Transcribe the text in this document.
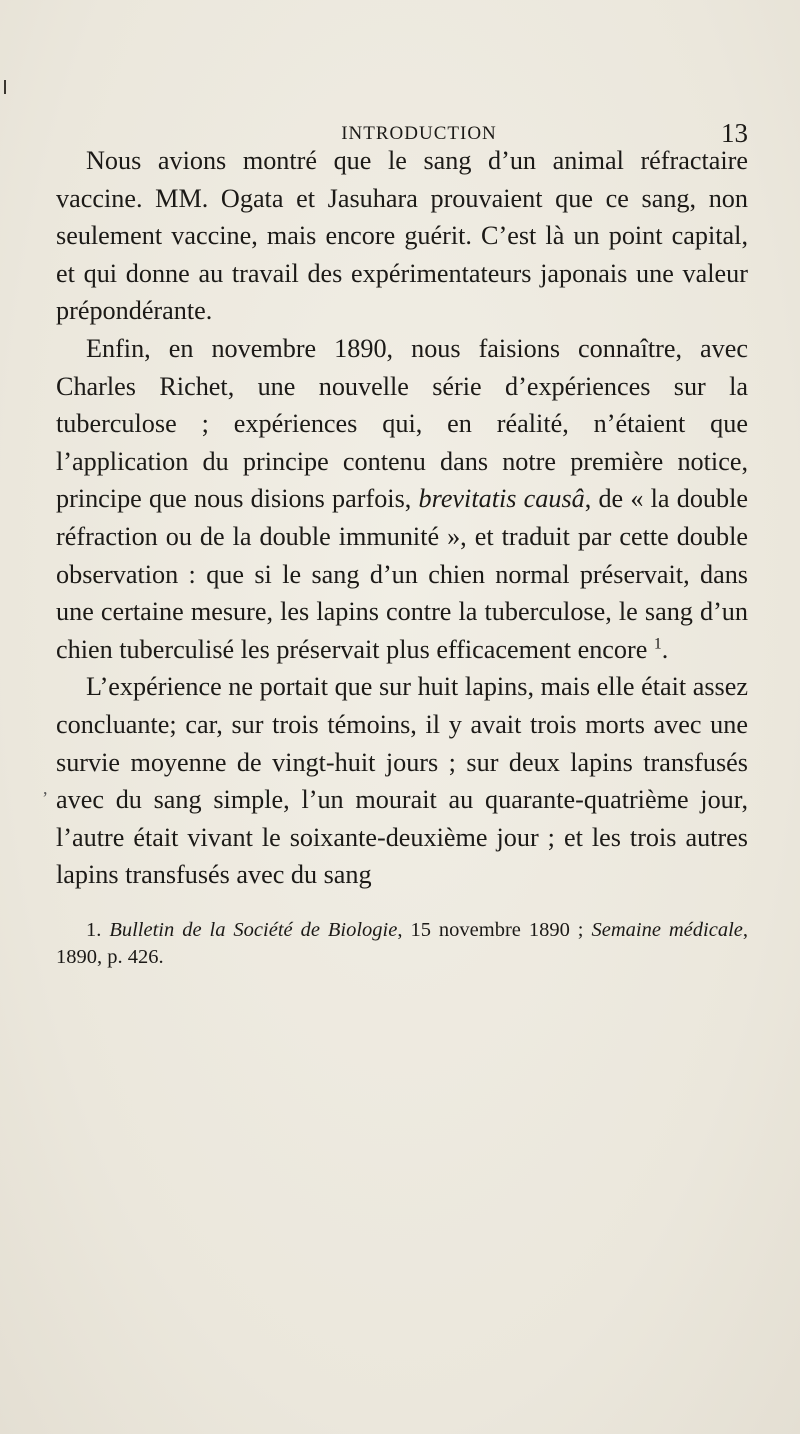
INTRODUCTION	13

Nous avions montré que le sang d’un animal réfractaire vaccine. MM. Ogata et Jasuhara prouvaient que ce sang, non seulement vaccine, mais encore guérit. C’est là un point capital, et qui donne au travail des expérimentateurs japonais une valeur prépondérante.

Enfin, en novembre 1890, nous faisions connaître, avec Charles Richet, une nouvelle série d’expériences sur la tuberculose ; expériences qui, en réalité, n’étaient que l’application du principe contenu dans notre première notice, principe que nous disions parfois, brevitatis causâ, de « la double réfraction ou de la double immunité », et traduit par cette double observation : que si le sang d’un chien normal préservait, dans une certaine mesure, les lapins contre la tuberculose, le sang d’un chien tuberculisé les préservait plus efficacement encore $^1$.

L’expérience ne portait que sur huit lapins, mais elle était assez concluante; car, sur trois témoins, il y avait trois morts avec une survie moyenne de vingt-huit jours ; sur deux lapins transfusés avec du sang simple, l’un mourait au quarante-quatrième jour, l’autre était vivant le soixante-deuxième jour ; et les trois autres lapins transfusés avec du sang

,

1. Bulletin de la Société de Biologie, 15 novembre 1890 ; Semaine médicale, 1890, p. 426.
